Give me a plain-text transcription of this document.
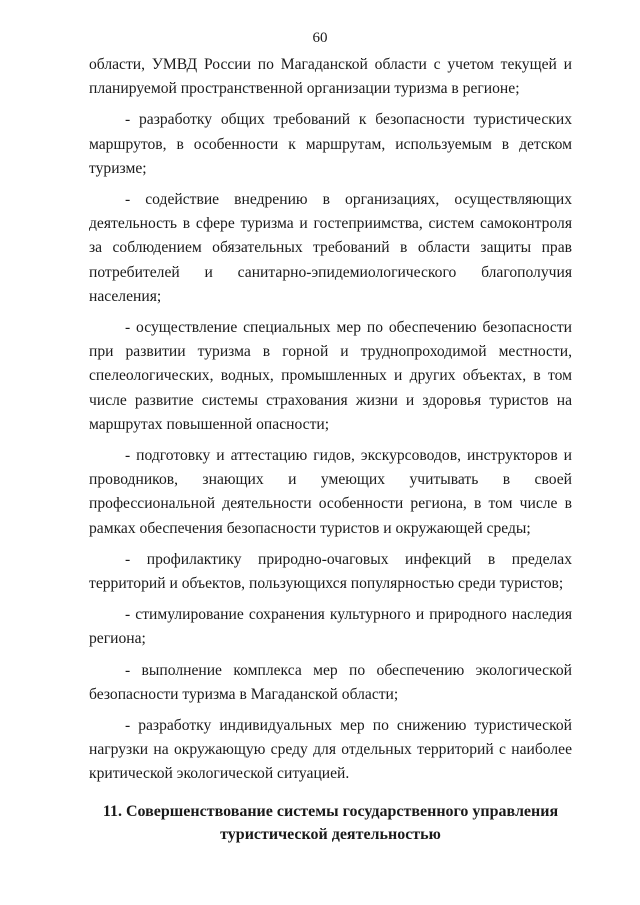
60

области, УМВД России по Магаданской области с учетом текущей и планируемой пространственной организации туризма в регионе;

- разработку общих требований к безопасности туристических маршрутов, в особенности к маршрутам, используемым в детском туризме;

- содействие внедрению в организациях, осуществляющих деятельность в сфере туризма и гостеприимства, систем самоконтроля за соблюдением обязательных требований в области защиты прав потребителей и санитарно-эпидемиологического благополучия населения;

- осуществление специальных мер по обеспечению безопасности при развитии туризма в горной и труднопроходимой местности, спелеологических, водных, промышленных и других объектах, в том числе развитие системы страхования жизни и здоровья туристов на маршрутах повышенной опасности;

- подготовку и аттестацию гидов, экскурсоводов, инструкторов и проводников, знающих и умеющих учитывать в своей профессиональной деятельности особенности региона, в том числе в рамках обеспечения безопасности туристов и окружающей среды;

- профилактику природно-очаговых инфекций в пределах территорий и объектов, пользующихся популярностью среди туристов;

- стимулирование сохранения культурного и природного наследия региона;

- выполнение комплекса мер по обеспечению экологической безопасности туризма в Магаданской области;

- разработку индивидуальных мер по снижению туристической нагрузки на окружающую среду для отдельных территорий с наиболее критической экологической ситуацией.

11. Совершенствование системы государственного управления
туристической деятельностью
